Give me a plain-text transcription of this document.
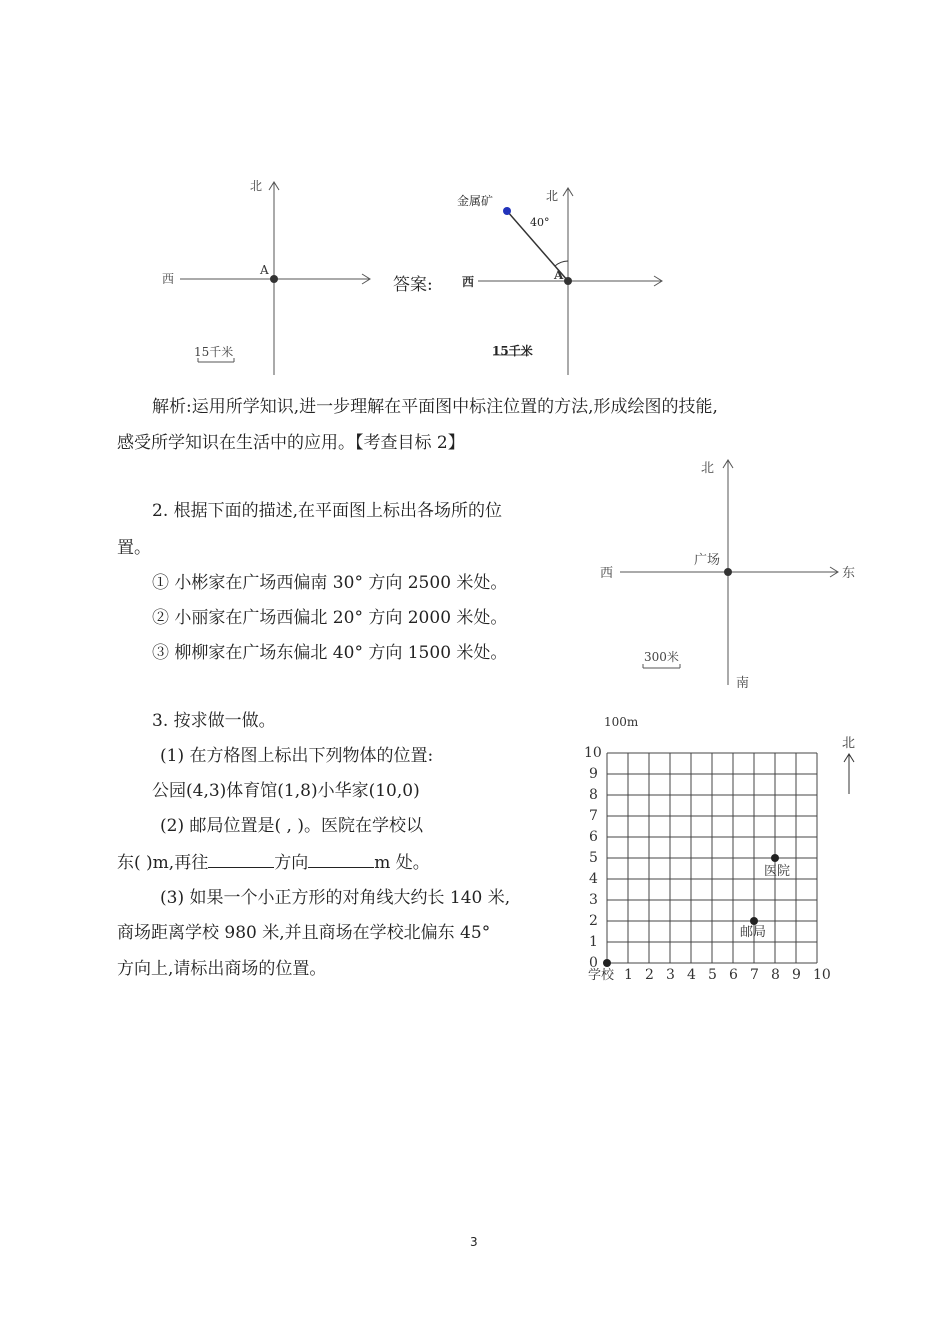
北
西
A
15千米
答案:
北
西	A
金属矿
40°
15千米
解析:运用所学知识,进一步理解在平面图中标注位置的方法,形成绘图的技能,
感受所学知识在生活中的应用。【考查目标 2】
2. 根据下面的描述,在平面图上标出各场所的位
置。
① 小彬家在广场西偏南 30° 方向 2500 米处。
② 小丽家在广场西偏北 20° 方向 2000 米处。
③ 柳柳家在广场东偏北 40° 方向 1500 米处。
北
南
西	东
广场
300米
3. 按求做一做。
(1) 在方格图上标出下列物体的位置:
公园(4,3)体育馆(1,8)小华家(10,0)
(2) 邮局位置是( , )。医院在学校以
东( )m,再往	方向	m 处。
(3) 如果一个小正方形的对角线大约长 140 米,
商场距离学校 980 米,并且商场在学校北偏东 45°
方向上,请标出商场的位置。
100m
北
学校 1 2 3 4 5 6 7 8 9 10
0
1
2
3
4
5
6
7
8
9
10
医院
邮局
3
